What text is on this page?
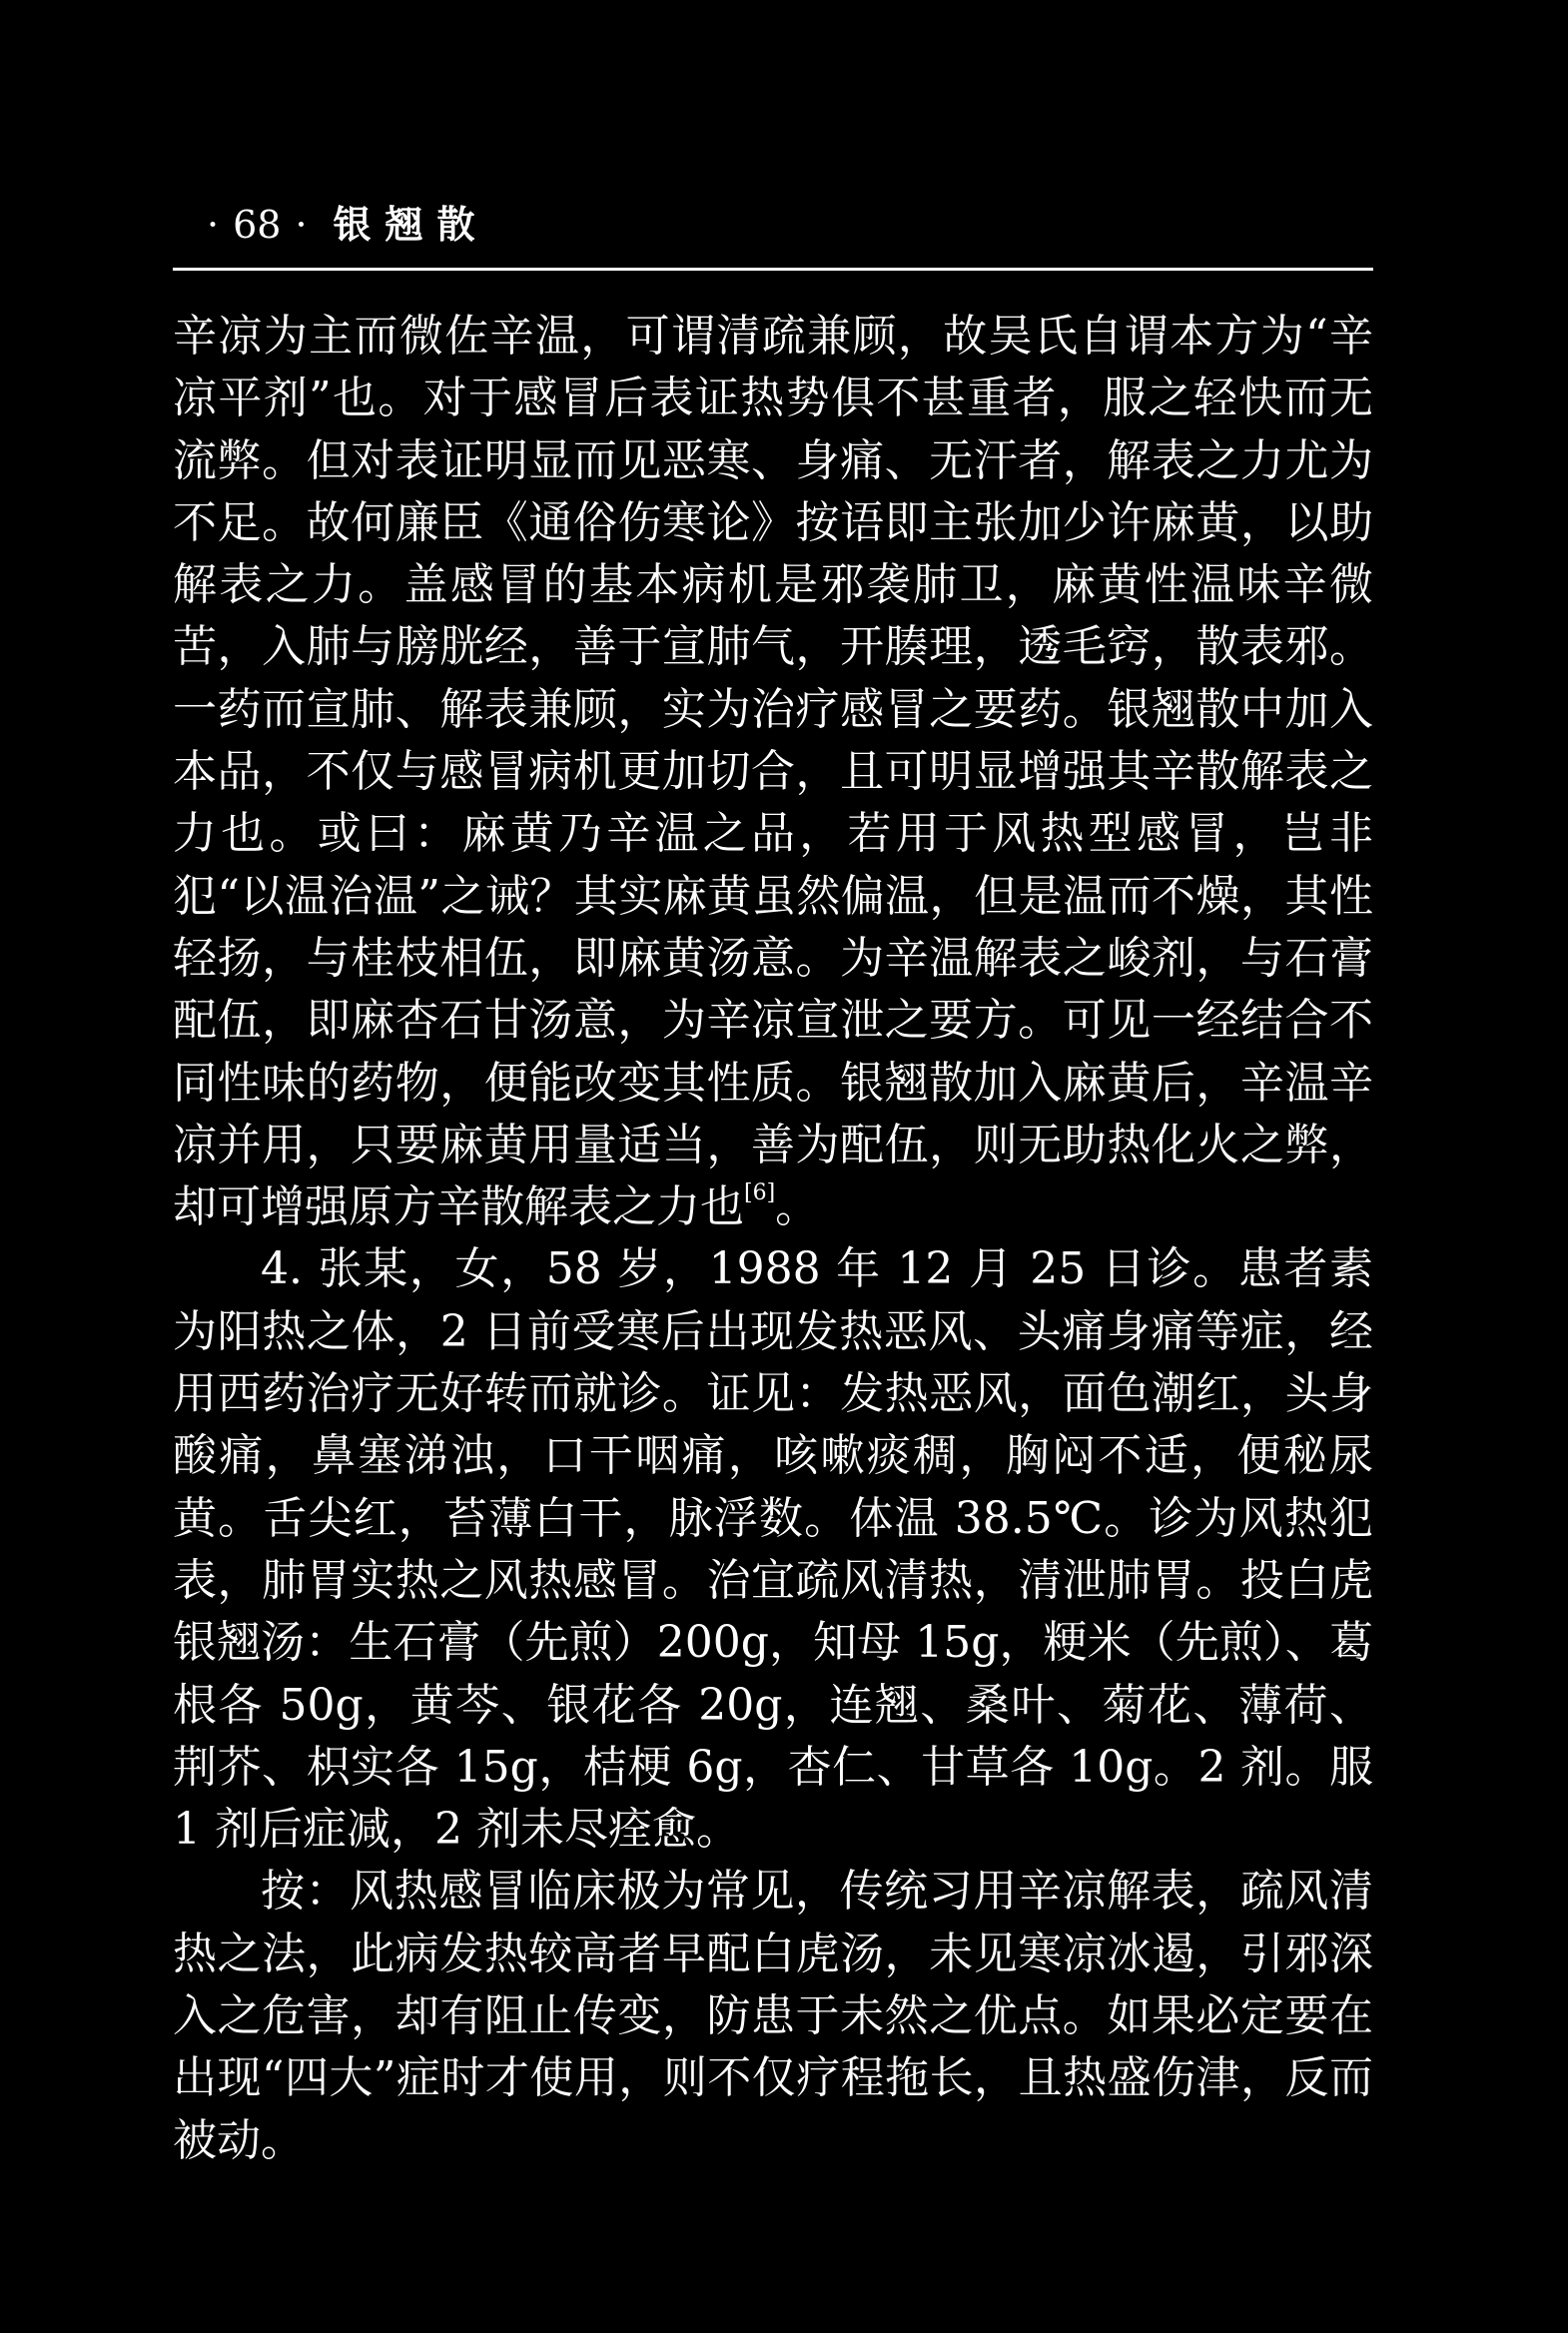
· 68 · 银翘散

辛凉为主而微佐辛温，可谓清疏兼顾，故吴氏自谓本方为“辛凉平剂”也。对于感冒后表证热势俱不甚重者，服之轻快而无流弊。但对表证明显而见恶寒、身痛、无汗者，解表之力尤为不足。故何廉臣《通俗伤寒论》按语即主张加少许麻黄，以助解表之力。盖感冒的基本病机是邪袭肺卫，麻黄性温味辛微苦，入肺与膀胱经，善于宣肺气，开腠理，透毛窍，散表邪。一药而宣肺、解表兼顾，实为治疗感冒之要药。银翘散中加入本品，不仅与感冒病机更加切合，且可明显增强其辛散解表之力也。或曰：麻黄乃辛温之品，若用于风热型感冒，岂非犯“以温治温”之诫？其实麻黄虽然偏温，但是温而不燥，其性轻扬，与桂枝相伍，即麻黄汤意。为辛温解表之峻剂，与石膏配伍，即麻杏石甘汤意，为辛凉宣泄之要方。可见一经结合不同性味的药物，便能改变其性质。银翘散加入麻黄后，辛温辛凉并用，只要麻黄用量适当，善为配伍，则无助热化火之弊，却可增强原方辛散解表之力也[6]。

4. 张某，女，58 岁，1988 年 12 月 25 日诊。患者素为阳热之体，2 日前受寒后出现发热恶风、头痛身痛等症，经用西药治疗无好转而就诊。证见：发热恶风，面色潮红，头身酸痛，鼻塞涕浊，口干咽痛，咳嗽痰稠，胸闷不适，便秘尿黄。舌尖红，苔薄白干，脉浮数。体温 38.5℃。诊为风热犯表，肺胃实热之风热感冒。治宜疏风清热，清泄肺胃。投白虎银翘汤：生石膏（先煎）200g，知母 15g，粳米（先煎）、葛根各 50g，黄芩、银花各 20g，连翘、桑叶、菊花、薄荷、荆芥、枳实各 15g，桔梗 6g，杏仁、甘草各 10g。2 剂。服 1 剂后症减，2 剂未尽痊愈。

按：风热感冒临床极为常见，传统习用辛凉解表，疏风清热之法，此病发热较高者早配白虎汤，未见寒凉冰遏，引邪深入之危害，却有阻止传变，防患于未然之优点。如果必定要在出现“四大”症时才使用，则不仅疗程拖长，且热盛伤津，反而被动。
